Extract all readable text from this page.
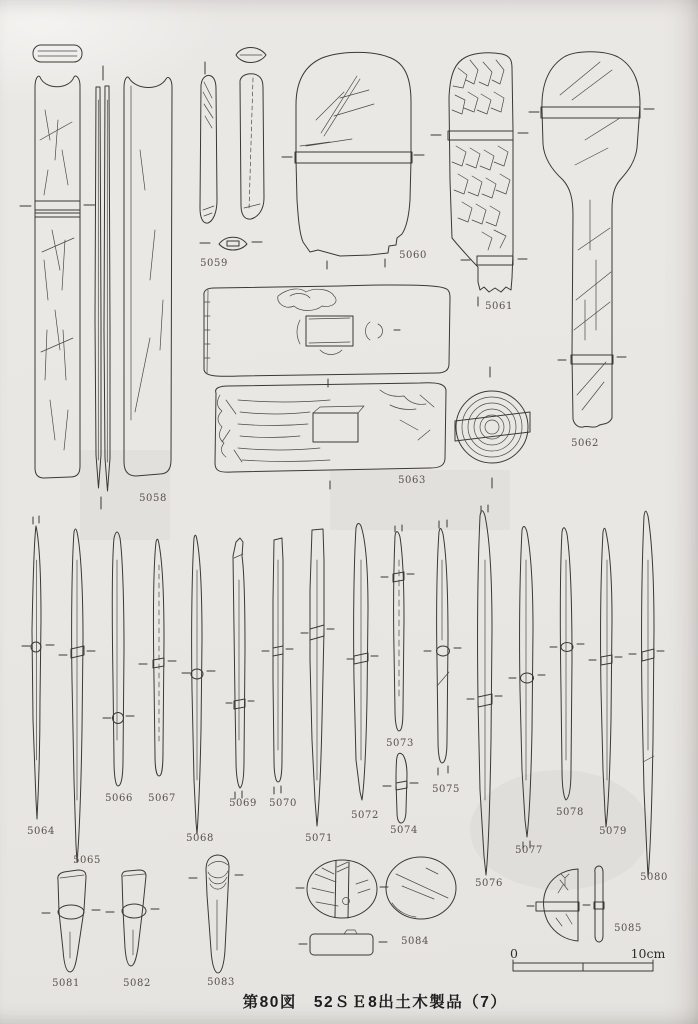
5058
5059
5060
5061
5062
5063
5064
5065
5066 5067
5068
5069 5070
5071
5072
5073
5074
5075
5076
5077
5078
5079
5080
5081	5082	5083
5084
5085
0	10cm
第80図　52ＳＥ8出土木製品（7）
